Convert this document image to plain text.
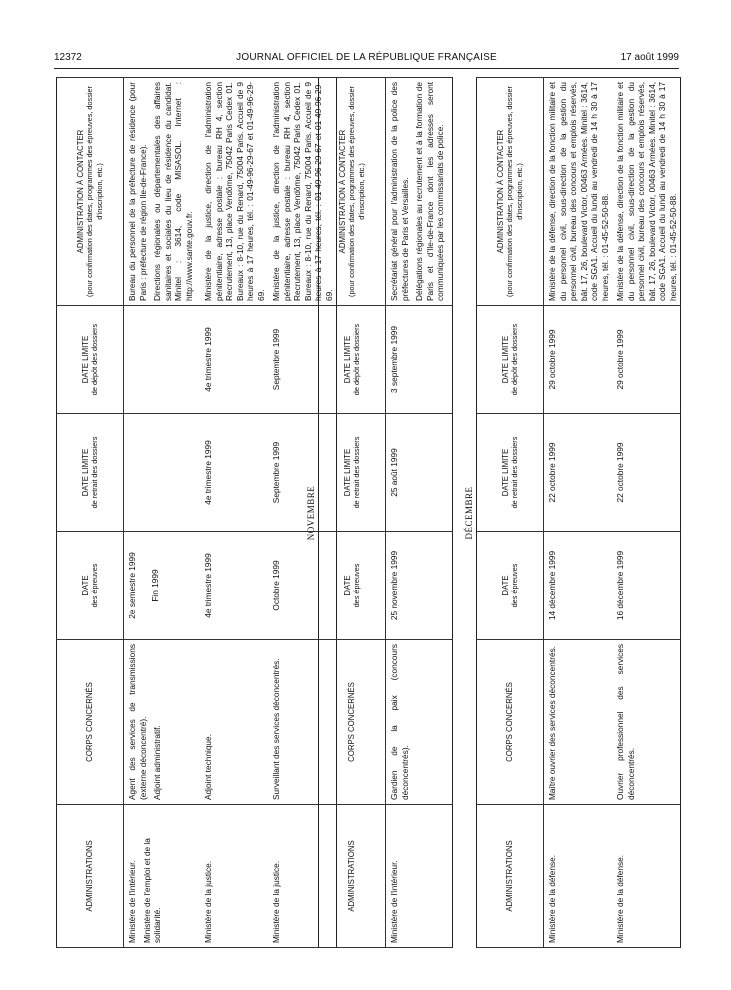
12372	JOURNAL OFFICIEL DE LA RÉPUBLIQUE FRANÇAISE	17 août 1999
ADMINISTRATIONS	CORPS CONCERNÉS	DATE des épreuves	DATE LIMITE de retrait des dossiers	DATE LIMITE de dépôt des dossiers	ADMINISTRATION À CONTACTER (pour confirmation des dates, programmes des épreuves, dossier d'inscription, etc.)

Ministère de l'intérieur. Ministère de l'emploi et de la solidarité.	Agent des services de transmissions (externe déconcentré). Adjoint administratif.	2e semestre 1999 Fin 1999			Bureau du personnel de la préfecture de résidence (pour Paris : préfecture de région Ile-de-France). Directions régionales ou départementales des affaires sanitaires et sociales du lieu de résidence du candidat. Minitel : 3614, code MISASOL. Internet : http://www.sante.gouv.fr.

Ministère de la justice.	Adjoint technique.	4e trimestre 1999	4e trimestre 1999	4e trimestre 1999	Ministère de la justice, direction de l'administration pénitentiaire, adresse postale : bureau RH 4, section Recrutement, 13, place Vendôme, 75042 Paris Cedex 01. Bureaux : 8-10, rue du Renard, 75004 Paris. Accueil de 9 heures à 17 heures, tél. : 01-49-96-29-67 et 01-49-96-29-69.
Ministère de la justice.	Surveillant des services déconcentrés.	Octobre 1999	Septembre 1999	Septembre 1999	Ministère de la justice, direction de l'administration pénitentiaire, adresse postale : bureau RH 4, section Recrutement, 13, place Vendôme, 75042 Paris Cedex 01. Bureaux : 8-10, rue du Renard, 75004 Paris. Accueil de 9 heures à 17 heures, tél. : 01-49-96-29-67 et 01-49-96-29-69.
NOVEMBRE
ADMINISTRATIONS	CORPS CONCERNÉS	DATE des épreuves	DATE LIMITE de retrait des dossiers	DATE LIMITE de dépôt des dossiers	ADMINISTRATION À CONTACTER (pour confirmation des dates, programmes des épreuves, dossier d'inscription, etc.)

Ministère de l'intérieur.	Gardien de la paix (concours déconcentrés).	25 novembre 1999	25 août 1999	3 septembre 1999	Secrétariat général pour l'administration de la police des préfectures de Paris et Versailles. Délégations régionales au recrutement et à la formation de Paris et d'Ile-de-France dont les adresses seront communiquées par les commissariats de police.
DÉCEMBRE
ADMINISTRATIONS	CORPS CONCERNÉS	DATE des épreuves	DATE LIMITE de retrait des dossiers	DATE LIMITE de dépôt des dossiers	ADMINISTRATION À CONTACTER (pour confirmation des dates, programmes des épreuves, dossier d'inscription, etc.)

Ministère de la défense.	Maître ouvrier des services déconcentrés.	14 décembre 1999	22 octobre 1999	29 octobre 1999	Ministère de la défense, direction de la fonction militaire et du personnel civil, sous-direction de la gestion du personnel civil, bureau des concours et emplois réservés, bât. 17, 26, boulevard Victor, 00463 Armées. Minitel : 3614, code SGA1. Accueil du lundi au vendredi de 14 h 30 à 17 heures, tél. : 01-45-52-50-88.
Ministère de la défense.	Ouvrier professionnel des services déconcentrés.	16 décembre 1999	22 octobre 1999	29 octobre 1999	Ministère de la défense, direction de la fonction militaire et du personnel civil, sous-direction de la gestion du personnel civil, bureau des concours et emplois réservés, bât. 17, 26, boulevard Victor, 00463 Armées. Minitel : 3614, code SGA1. Accueil du lundi au vendredi de 14 h 30 à 17 heures, tél. : 01-45-52-50-88.
